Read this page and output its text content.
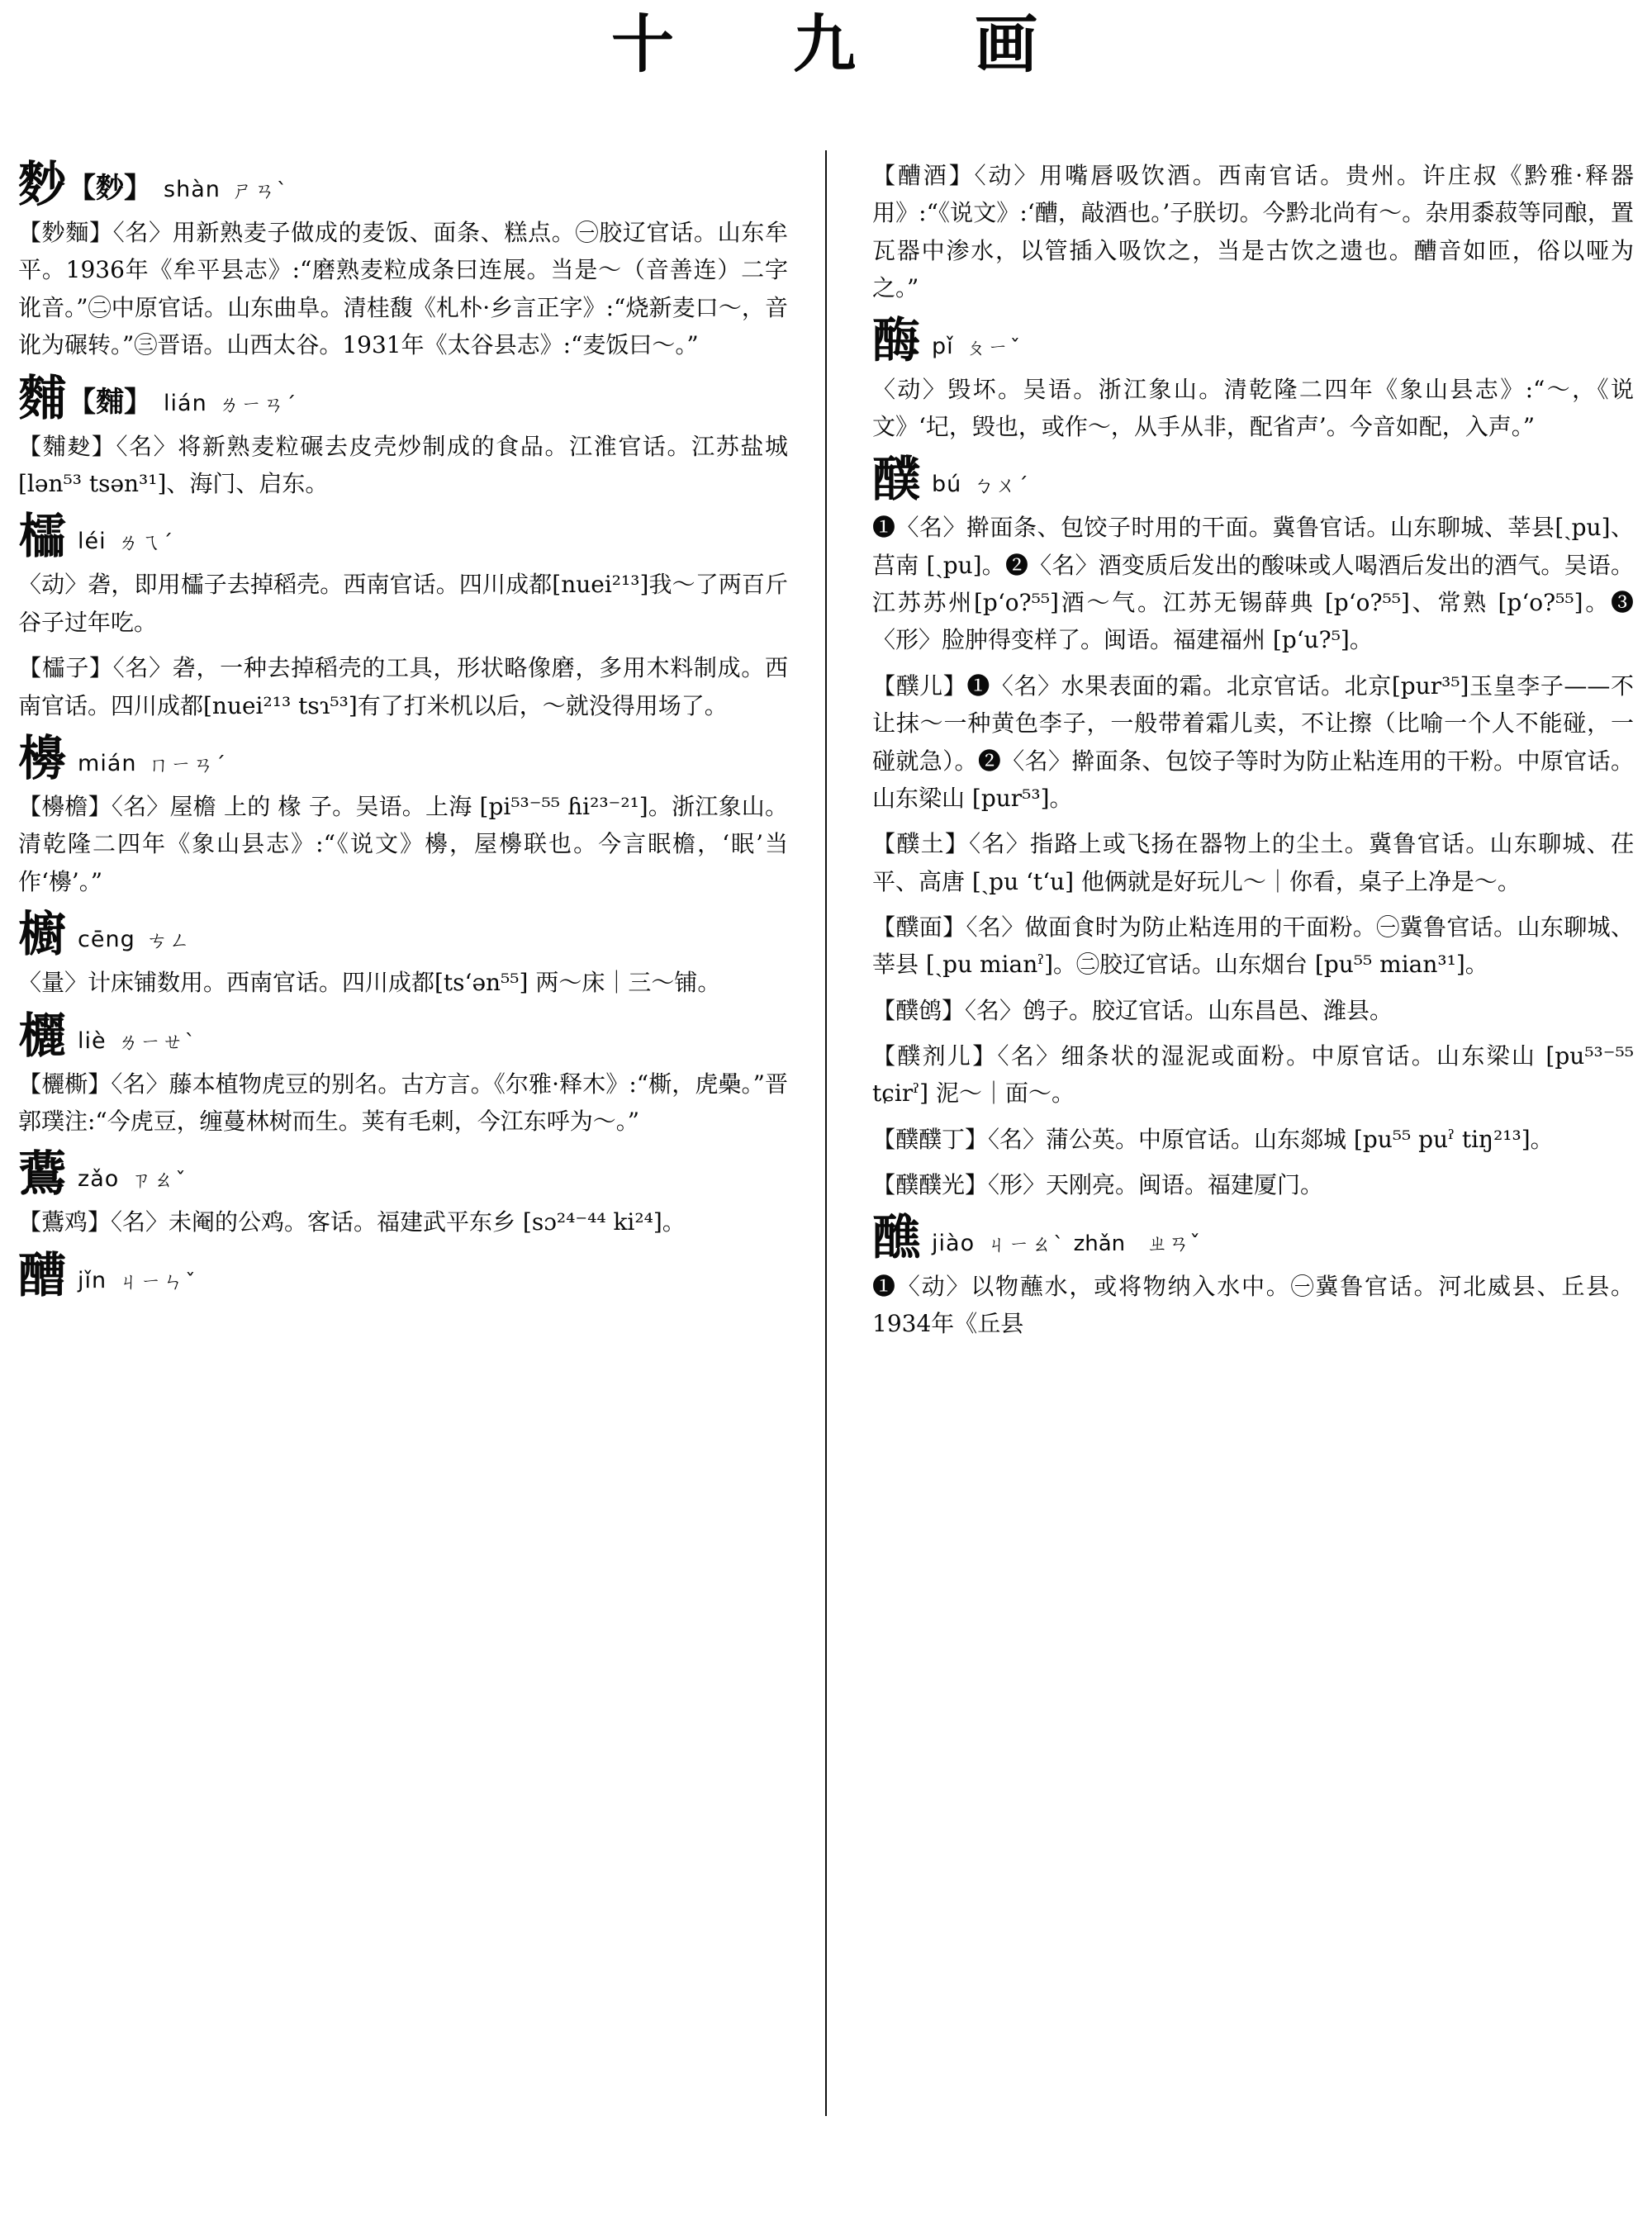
十　九　画
麨 【麨】 shàn ㄕㄢˋ
【麨麵】〈名〉用新熟麦子做成的麦饭、面条、糕点。㊀胶辽官话。山东牟平。1936年《牟平县志》:“磨熟麦粒成条曰连展。当是～（音善连）二字讹音。”㊁中原官话。山东曲阜。清桂馥《札朴·乡言正字》:“烧新麦口～，音讹为碾转。”㊂晋语。山西太谷。1931年《太谷县志》:“麦饭曰～。”
麱 【麱】 lián ㄌㄧㄢˊ
【麱𪎊】〈名〉将新熟麦粒碾去皮壳炒制成的食品。江淮官话。江苏盐城 [lən⁵³ tsən³¹]、海门、启东。
櫺 léi ㄌㄟˊ
〈动〉砻，即用櫺子去掉稻壳。西南官话。四川成都[nuei²¹³]我～了两百斤谷子过年吃。
【櫺子】〈名〉砻，一种去掉稻壳的工具，形状略像磨，多用木料制成。西南官话。四川成都[nuei²¹³ tsɿ⁵³]有了打米机以后，～就没得用场了。
櫋 mián ㄇㄧㄢˊ
【櫋檐】〈名〉屋檐 上的 椽 子。吴语。上海 [pi⁵³⁻⁵⁵ ɦi²³⁻²¹]。浙江象山。清乾隆二四年《象山县志》:“《说文》櫋，屋櫋联也。今言眠檐，‘眠’当作‘櫋’。”
櫥 cēng ㄘㄥ
〈量〉计床铺数用。西南官话。四川成都[ts‘ən⁵⁵] 两～床｜三～铺。
欐 liè ㄌㄧㄝˋ
【欐㯕】〈名〉藤本植物虎豆的别名。古方言。《尔雅·释木》:“㯕，虎櫐。”晋郭璞注:“今虎豆，缠蔓林树而生。荚有毛刺，今江东呼为～。”
鷰 zǎo ㄗㄠˇ
【鷰鸡】〈名〉未阉的公鸡。客话。福建武平东乡 [sɔ²⁴⁻⁴⁴ ki²⁴]。
醩 jǐn ㄐㄧㄣˇ
【醩酒】〈动〉用嘴唇吸饮酒。西南官话。贵州。许庄叔《黔雅·释器用》:“《说文》:‘醩，敲酒也。’子朕切。今黔北尚有～。杂用黍菽等同酿，置瓦器中渗水，以管插入吸饮之，当是古饮之遗也。醩音如匝，俗以哑为之。”
酶 pǐ ㄆㄧˇ
〈动〉毁坏。吴语。浙江象山。清乾隆二四年《象山县志》:“～，《说文》‘圮，毁也，或作～，从手从非，配省声’。今音如配，入声。”
醭 bú ㄅㄨˊ
❶〈名〉擀面条、包饺子时用的干面。冀鲁官话。山东聊城、莘县[ˎpu]、莒南 [ˎpu]。❷〈名〉酒变质后发出的酸味或人喝酒后发出的酒气。吴语。江苏苏州[p‘o?⁵⁵]酒～气。江苏无锡薛典 [p‘o?⁵⁵]、常熟 [p‘o?⁵⁵]。❸〈形〉脸肿得变样了。闽语。福建福州 [p‘u?⁵]。
【醭儿】❶〈名〉水果表面的霜。北京官话。北京[pur³⁵]玉皇李子——不让抹～一种黄色李子，一般带着霜儿卖，不让擦（比喻一个人不能碰，一碰就急）。❷〈名〉擀面条、包饺子等时为防止粘连用的干粉。中原官话。山东梁山 [pur⁵³]。
【醭土】〈名〉指路上或飞扬在器物上的尘土。冀鲁官话。山东聊城、茌平、高唐 [ˎpu ‘t‘u] 他俩就是好玩儿～｜你看，桌子上净是～。
【醭面】〈名〉做面食时为防止粘连用的干面粉。㊀冀鲁官话。山东聊城、莘县 [ˎpu mianˀ]。㊁胶辽官话。山东烟台 [pu⁵⁵ mian³¹]。
【醭鸧】〈名〉鸧子。胶辽官话。山东昌邑、潍县。
【醭剂儿】〈名〉细条状的湿泥或面粉。中原官话。山东梁山 [pu⁵³⁻⁵⁵ tɕirˀ] 泥～｜面～。
【醭醭丁】〈名〉蒲公英。中原官话。山东郯城 [pu⁵⁵ puˀ tiŋ²¹³]。
【醭醭光】〈形〉天刚亮。闽语。福建厦门。
醮 jiào ㄐㄧㄠˋ zhǎn　ㄓㄢˇ
❶〈动〉以物蘸水，或将物纳入水中。㊀冀鲁官话。河北威县、丘县。1934年《丘县
